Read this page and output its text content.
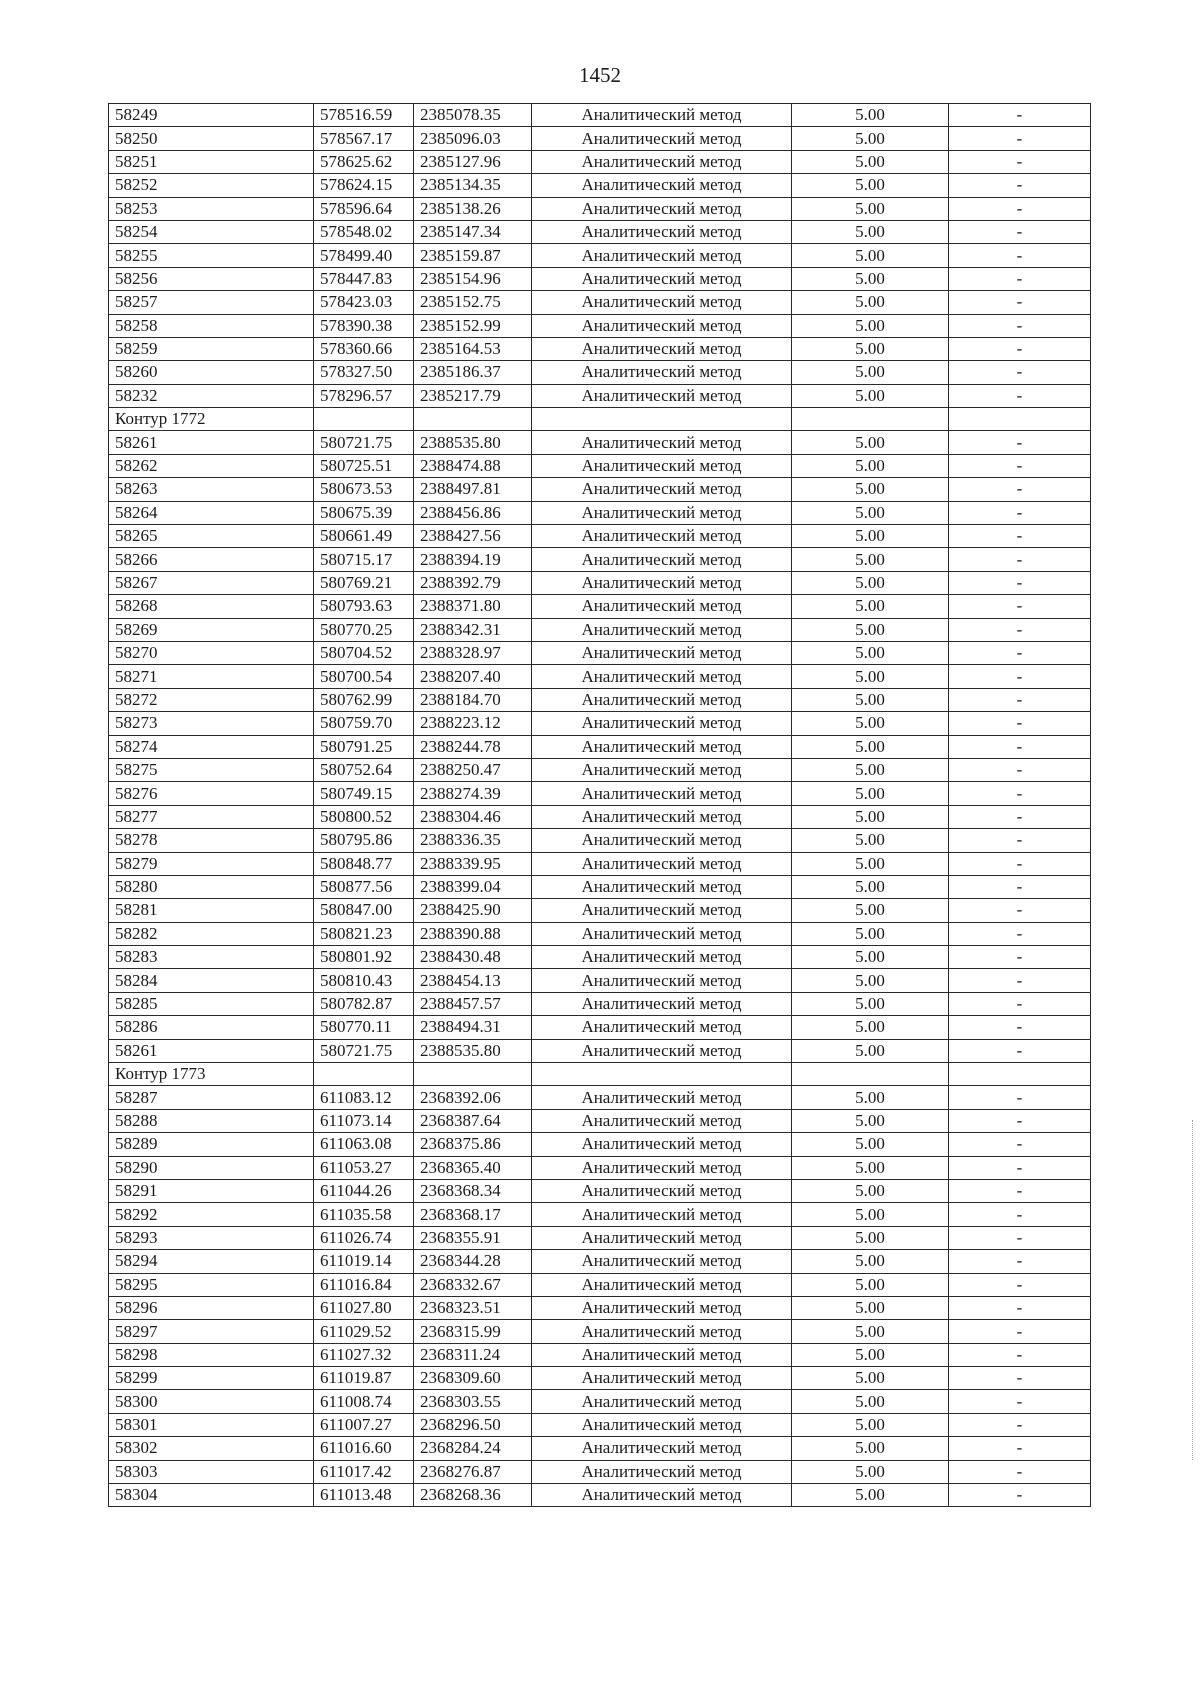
1452
58249	578516.59	2385078.35	Аналитический метод	5.00	-
58250	578567.17	2385096.03	Аналитический метод	5.00	-
58251	578625.62	2385127.96	Аналитический метод	5.00	-
58252	578624.15	2385134.35	Аналитический метод	5.00	-
58253	578596.64	2385138.26	Аналитический метод	5.00	-
58254	578548.02	2385147.34	Аналитический метод	5.00	-
58255	578499.40	2385159.87	Аналитический метод	5.00	-
58256	578447.83	2385154.96	Аналитический метод	5.00	-
58257	578423.03	2385152.75	Аналитический метод	5.00	-
58258	578390.38	2385152.99	Аналитический метод	5.00	-
58259	578360.66	2385164.53	Аналитический метод	5.00	-
58260	578327.50	2385186.37	Аналитический метод	5.00	-
58232	578296.57	2385217.79	Аналитический метод	5.00	-
Контур 1772					
58261	580721.75	2388535.80	Аналитический метод	5.00	-
58262	580725.51	2388474.88	Аналитический метод	5.00	-
58263	580673.53	2388497.81	Аналитический метод	5.00	-
58264	580675.39	2388456.86	Аналитический метод	5.00	-
58265	580661.49	2388427.56	Аналитический метод	5.00	-
58266	580715.17	2388394.19	Аналитический метод	5.00	-
58267	580769.21	2388392.79	Аналитический метод	5.00	-
58268	580793.63	2388371.80	Аналитический метод	5.00	-
58269	580770.25	2388342.31	Аналитический метод	5.00	-
58270	580704.52	2388328.97	Аналитический метод	5.00	-
58271	580700.54	2388207.40	Аналитический метод	5.00	-
58272	580762.99	2388184.70	Аналитический метод	5.00	-
58273	580759.70	2388223.12	Аналитический метод	5.00	-
58274	580791.25	2388244.78	Аналитический метод	5.00	-
58275	580752.64	2388250.47	Аналитический метод	5.00	-
58276	580749.15	2388274.39	Аналитический метод	5.00	-
58277	580800.52	2388304.46	Аналитический метод	5.00	-
58278	580795.86	2388336.35	Аналитический метод	5.00	-
58279	580848.77	2388339.95	Аналитический метод	5.00	-
58280	580877.56	2388399.04	Аналитический метод	5.00	-
58281	580847.00	2388425.90	Аналитический метод	5.00	-
58282	580821.23	2388390.88	Аналитический метод	5.00	-
58283	580801.92	2388430.48	Аналитический метод	5.00	-
58284	580810.43	2388454.13	Аналитический метод	5.00	-
58285	580782.87	2388457.57	Аналитический метод	5.00	-
58286	580770.11	2388494.31	Аналитический метод	5.00	-
58261	580721.75	2388535.80	Аналитический метод	5.00	-
Контур 1773					
58287	611083.12	2368392.06	Аналитический метод	5.00	-
58288	611073.14	2368387.64	Аналитический метод	5.00	-
58289	611063.08	2368375.86	Аналитический метод	5.00	-
58290	611053.27	2368365.40	Аналитический метод	5.00	-
58291	611044.26	2368368.34	Аналитический метод	5.00	-
58292	611035.58	2368368.17	Аналитический метод	5.00	-
58293	611026.74	2368355.91	Аналитический метод	5.00	-
58294	611019.14	2368344.28	Аналитический метод	5.00	-
58295	611016.84	2368332.67	Аналитический метод	5.00	-
58296	611027.80	2368323.51	Аналитический метод	5.00	-
58297	611029.52	2368315.99	Аналитический метод	5.00	-
58298	611027.32	2368311.24	Аналитический метод	5.00	-
58299	611019.87	2368309.60	Аналитический метод	5.00	-
58300	611008.74	2368303.55	Аналитический метод	5.00	-
58301	611007.27	2368296.50	Аналитический метод	5.00	-
58302	611016.60	2368284.24	Аналитический метод	5.00	-
58303	611017.42	2368276.87	Аналитический метод	5.00	-
58304	611013.48	2368268.36	Аналитический метод	5.00	-
